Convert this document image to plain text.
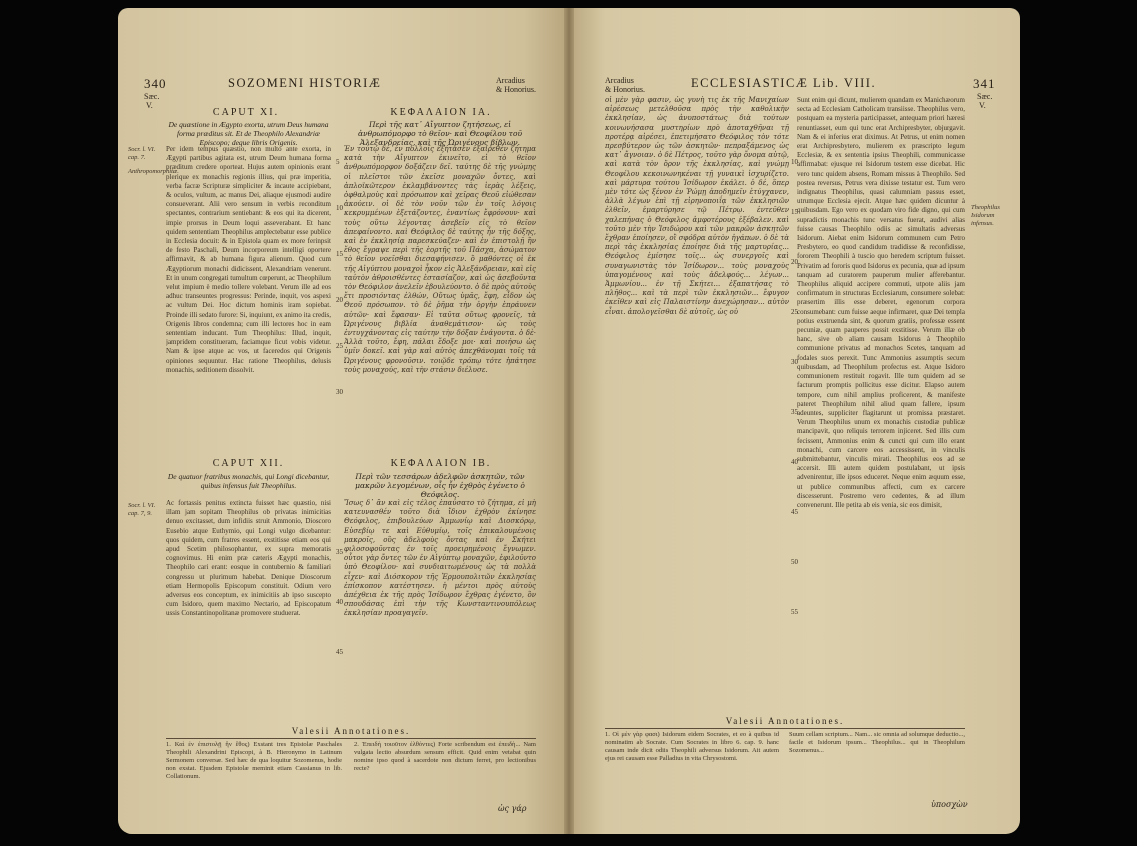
340	SOZOMENI HISTORIÆ	Arcadius
& Honorius.
Sæc.
V.
CAPUT XI.	ΚΕΦΑΛΑΙΟΝ ΙΑ.
De quæstione in Ægypto exorta, utrum Deus humana forma præditus sit. Et de Theophilo Alexandriæ Episcopo; deque libris Origenis.
Περὶ τῆς κατ᾿ Αἴγυπτον ζητήσεως, εἰ ἀνθρωπόμορφο τὸ θεῖον· καὶ Θεοφίλου τοῦ Ἀλεξανδρείας, καὶ τῆς Ὠριγένους βίβλων.
Socr. l. VI. cap. 7.
Anthropomorphitæ.
Per idem tempus quæstio, non multo ante exorta, in Ægypti partibus agitata est, utrum Deum humana forma præditum credere oporteat. Hujus autem opinionis erant plerique ex monachis regionis illius, qui præ imperitia, verba facræ Scripturæ simpliciter & incaute accipiebant, & oculos, vultum, ac manus Dei, aliaque ejusmodi audire consueverant. Alii vero sensum in verbis reconditum spectantes, contrarium sentiebant: & eos qui ita dicerent, impie prorsus in Deum loqui asseverabant. Et hanc quidem sententiam Theophilus amplectebatur esse publice in Ecclesia docuit: & in Epistola quam ex more ferinpsit de festo Paschali, Deum incorporeum intelligi oportere affirmavit, & ab humana figura alienum. Quod cum Ægyptiorum monachi didicissent, Alexandriam venerunt. Et in unum congregati tumultum cœperunt, ac Theophilum velut impium è medio tollere volebant. Verum ille ad eos adhuc transeuntes progressus: Perinde, inquit, vos aspexi ac vultum Dei. Hoc dictum hominis iram sopiebat. Proinde illi sedato furore: Si, inquiunt, ex animo ita credis, Origenis libros condemna; cum illi lectores hoc in eam sententiam inducant. Tum Theophilus: Illud, inquit, jampridem constitueram, faciamque ficut vobis videtur. Nam & ipse atque ac vos, ut faceredos qui Origenis opiniones sequuntur. Hac ratione Theophilus, delusis monachis, seditionem dissolvit.
Ἐν τούτῳ δέ, ἐν πολλοῖς ἐξήτασεν ἐξαιρεθὲν ζήτημα κατὰ τὴν Αἴγυπτον ἐκινεῖτο, εἰ τὸ θεῖον ἀνθρωπόμορφον δοξάζειν δεῖ. ταύτης δὲ τῆς γνώμης οἱ πλεῖστοι τῶν ἐκεῖσε μοναχῶν ὄντες, καὶ ἁπλοϊκῶτερον ἐκλαμβάνοντες τὰς ἱερὰς λέξεις, ὀφθαλμοὺς καὶ πρόσωπον καὶ χεῖρας Θεοῦ εἰώθεσαν ἀκούειν. οἱ δὲ τὸν νοῦν τῶν ἐν τοῖς λόγοις κεκρυμμένων ἐξετάζοντες, ἐναντίως ἔφρόνουν· καὶ τοὺς οὕτω λέγοντας ἀσεβεῖν εἰς τὸ θεῖον ἀπεφαίνοντο. καὶ Θεόφιλος δὲ ταύτης ἦν τῆς δόξης, καὶ ἐν ἐκκλησίᾳ παρεσκεύαζεν· καὶ ἐν ἐπιστολῇ ἣν ἔθος ἔγραψε περὶ τῆς ἑορτῆς τοῦ Πάσχα, ἀσώματον τὸ θεῖον νοεῖσθαι διεσαφήνισεν. ὃ μαθόντες οἱ ἐκ τῆς Αἰγύπτου μοναχοὶ ἧκον εἰς Ἀλεξάνδρειαν, καὶ εἰς ταὐτὸν ἀθροισθέντες ἐστασίαζον, καὶ ὡς ἀσεβοῦντα τὸν Θεόφιλον ἀνελεῖν ἐβουλεύοντο. ὁ δὲ πρὸς αὐτοὺς ἔτι προσιόντας ἐλθών, Οὕτως ὑμᾶς, ἔφη, εἶδον ὡς Θεοῦ πρόσωπον. τὸ δὲ ῥῆμα τὴν ὀργὴν ἐπράυνεν αὐτῶν· καὶ ἔφασαν· Εἰ ταῦτα οὕτως φρονεῖς, τὰ Ὠριγένους βιβλία ἀναθεμάτισον· ὡς τοὺς ἐντυγχάνοντας εἰς ταύτην τὴν δόξαν ἐνάγοντα. ὁ δὲ· Ἀλλὰ τοῦτο, ἔφη, πάλαι ἔδοξε μοι· καὶ ποιήσω ὡς ὑμῖν δοκεῖ. καὶ γὰρ καὶ αὐτὸς ἀπεχθάνομαι τοῖς τὰ Ὠριγένους φρονοῦσιν. τοιῷδε τρόπῳ τότε ἠπάτησε τοὺς μοναχούς, καὶ τὴν στάσιν διέλυσε.
CAPUT XII.	ΚΕΦΑΛΑΙΟΝ ΙΒ.
De quatuor fratribus monachis, qui Longi dicebantur, quibus infensus fuit Theophilus.
Περὶ τῶν τεσσάρων ἀδελφῶν ἀσκητῶν, τῶν μακρῶν λεγομένων, οἷς ἦν ἐχθρὸς ἐγένετο ὁ Θεόφιλος.
Socr. l. VI. cap. 7, 9.
Ac fortassis penitus extincta fuisset hæc quæstio, nisi illam jam sopitam Theophilus ob privatas inimicitias denuo excitasset, dum infidiis struit Ammonio, Dioscoro Eusebio atque Euthymio, qui Longi vulgo dicebantur: quos quidem, cum fratres essent, exstitisse etiam eos qui apud Scetim philosophantur, ex supra memoratis cognovimus. Hi enim præ cæteris Ægypti monachis, Theophilo cari erant: eosque in contubernio & familiari congressu ut plurimum habebat. Denique Dioscorum etiam Hermopolis Episcopum constituit. Odium vero adversus eos conceptum, ex inimicitiis ab ipso suscepto cum Isidoro, quem maximo Nectario, ad Episcopatum ussis Constantinopolitanæ promovere studuerat.
Ἴσως δ᾿ ἂν καὶ εἰς τέλος ἐπαύσατο τὸ ζήτημα, εἰ μὴ κατευνασθέν τοῦτο διὰ ἴδιον ἐχθρὸν ἐκίνησε Θεόφιλος, ἐπιβουλεύων Ἀμμωνίῳ καὶ Διοσκόρῳ, Εὐσεβίῳ τε καὶ Εὐθυμίῳ, τοῖς ἐπικαλουμένοις μακροῖς, οὓς ἀδελφοὺς ὄντας καὶ ἐν Σκήτει φιλοσοφοῦντας ἐν τοῖς προειρημένοις ἔγνωμεν. οὗτοι γὰρ ὄντες τῶν ἐν Αἰγύπτῳ μοναχῶν, ἐφιλοῦντο ὑπὸ Θεοφίλου· καὶ συνδιαιτωμένους ὡς τὰ πολλὰ εἶχεν· καὶ Διόσκορον τῆς Ἑρμουπολιτῶν ἐκκλησίας ἐπίσκοπον κατέστησεν. ἡ μέντοι πρὸς αὐτοὺς ἀπέχθεια ἐκ τῆς πρὸς Ἰσίδωρον ἔχθρας ἐγένετο, ὃν σπουδάσας ἐπὶ τὴν τῆς Κωνσταντινουπόλεως ἐκκλησίαν προαγαγεῖν.
Valesii Annotationes.
1. Καὶ ἐν ἐπιστολῇ ἣν ἔθος) Exstant tres Epistolæ Paschales Theophili Alexandrini Episcopi, à B. Hieronymo in Latinum Sermonem conversæ. Sed hæc de qua loquitur Sozomenus, hodie non exstat. Ejusdem Epistolæ meminit etiam Cassianus in lib. Collationum.
2. Ἐπειδὴ τοιοῦτον ἐλθόντες) Forte scribendum est ἐπειδὴ... Nam vulgata lectio absurdum sensum efficit. Quid enim vetabat quin nomine ipso quod à sacerdote non dictum ferret, pro lectionibus recte?
ὡς γάρ
5
10
15
20
25
30
35
40
45
Arcadius
& Honorius.	ECCLESIASTICÆ Lib. VIII.	341
Sæc.
V.
οἱ μὲν γὰρ φασιν, ὡς γυνὴ τις ἐκ τῆς Μανιχαίων αἱρέσεως μετελθοῦσα πρὸς τὴν καθολικὴν ἐκκλησίαν, ὡς ἀνυποστάτως διὰ τούτων κοινωνήσασα μυστηρίων πρὸ ἀποταχθῆναι τῇ προτέρᾳ αἱρέσει, ἐπετιμήσατο Θεόφιλος τὸν τότε πρεσβύτερον ὡς τῶν ἀσκητῶν· πεπραξάμενος ὡς κατ᾿ ἄγνοιαν. ὁ δὲ Πέτρος, τοῦτο γὰρ ὄνομα αὐτῷ, καὶ κατὰ τὸν ὅρον τῆς ἐκκλησίας, καὶ γνώμῃ Θεοφίλου κεκοινωνηκέναι τῇ γυναικὶ ἰσχυρίζετο. καὶ μάρτυρα τούτου Ἰσίδωρον ἐκάλει. ὁ δέ, ὅπερ μὲν τότε ὡς ξένον ἐν Ῥώμῃ ἀποδημεῖν ἐτύγχανεν, ἀλλὰ λέγων ἐπὶ τῇ εἰρηνοποιΐᾳ τῶν ἐκκλησιῶν ἐλθεῖν, ἐμαρτύρησε τῷ Πέτρῳ. ἐντεῦθεν χαλεπήνας ὁ Θεόφιλος ἀμφοτέρους ἐξέβαλεν. καὶ τοῦτο μὲν τὴν Ἰσιδώρου καὶ τῶν μακρῶν ἀσκητῶν ἔχθραν ἐποίησεν, οἳ σφόδρα αὐτὸν ἠγάπων. ὁ δὲ τὰ περὶ τὰς ἐκκλησίας ἐποίησε διὰ τῆς μαρτυρίας... Θεόφιλος ἐμίσησε τοῖς... ὡς συνεργοῖς καὶ συναγωνιστὰς τὸν Ἰσίδωρον... τοὺς μοναχοὺς ὑπαγομένους καὶ τοὺς ἀδελφούς... λέγων... Ἀμμωνίου... ἐν τῇ Σκήτει... ἐξαπατήσας τὸ πλῆθος... καὶ τὰ περὶ τῶν ἐκκλησιῶν... ἔφυγον ἐκεῖθεν καὶ εἰς Παλαιστίνην ἀνεχώρησαν... αὐτὸν εἶναι. ἀπολογεῖσθαι δὲ αὐτοῖς, ὡς οὐ
Sunt enim qui dicunt, mulierem quandam ex Manichæorum secta ad Ecclesiam Catholicam transiisse. Theophilus vero, postquam ea mysteria participasset, antequam priori hæresi renuntiasset, eum qui tunc erat Archipresbyter, objurgavit. Nam & ei inferius erat diximus. At Petrus, ut enim nomen erat Archipresbytero, mulierem ex præscripto legum Ecclesiæ, & ex sententia ipsius Theophili, communicasse affirmabat: ejusque rei Isidorum testem esse dicebat. Hic vero tunc quidem absens, Romam missus à Theophilo. Sed postea reversus, Petrus vera dixisse testatur est. Tum vero indignatus Theophilus, quasi calumniam passus esset, utrumque Ecclesia ejecit. Atque hæc quidem dicuntur à quibusdam. Ego vero ex quodam viro fide digno, qui cum supradictis monachis tunc versatus fuerat, audivi alias fuisse causas Theophilo odiis ac simultatis adversus Isidorum. Aiebat enim Isidorum communem cum Petro Presbytero, eo quod candidum tradidisse & reconfidisse, fororem Theophili à tuscio quo heredem scriptum fuisset. Privatim ad fororis quod Isidorus ex pecunia, quæ ad ipsum tanquam ad curatorem pauperum mulier afferebantur. Theophilus aliquid accipere commuti, utpote aliis jam confirmatum in structuras Ecclesiarum, consumere solebat: præsertim illis esse deberet, egenorum corpora consumebant: cum fuisse aeque infirmaret, quæ Dei templa potius exstruenda sint, & quorum gratiis, professæ essent pecuniæ, quam pauperes possit exstitisse. Verum illæ ob hanc, sive ob aliam causam Isidorus à Theophilo communione privatus ad monachos Scetes, tanquam ad fodales suos perexit. Tunc Ammonius assumptis secum quibusdam, ad Theophilum profectus est. Atque Isidoro communionem restituit rogavit. Ille tum quidem ad se facturum promptis pollicitus esse dicitur. Elapso autem tempore, cum nihil amplius proficerent, & manifeste pateret Theophilum nihil aliud quam fallere, ipsum adeuntes, suppliciter flagitarunt ut promissa præstaret. Verum Theophilus unum ex monachis custodiæ publicæ mancipavit, quo reliquis terrorem injiceret. Sed illis cum fecissent, Ammonius enim & cuncti qui cum illo erant monachi, cum carcere eos accessissent, in vinculis submittebantur, vinculis mirati. Theophilus eos ad se accersit. Illi autem quidem postulabant, ut ipsis advenirentur, ille ipsos educeret. Neque enim æquum esse, ut publice communibus affecti, cum ex carcere discesserunt. Postremo vero cedentes, & ad illum convenerunt. Ille petita ab eis venia, sic eos dimisit,
Theophilus Isidorum infensus.
10
15
20
25
30
35
40
45
50
55
Valesii Annotationes.
1. Οἱ μὲν γὰρ φασι) Isidorum eidem Socrates, et eo à quibus id nominatim ab Socrate. Cum Socrates in libro 6. cap. 9. hanc causam inde dicit odiis Theophili adversus Isidorum. Ait autem ejus rei causam esse Palladius in vita Chrysostomi.
Suum cellam scriptum... Nam... sic omnia ad solumque deductio..., facile et Isidorum ipsum... Theophilus... qui in Theophilum Sozomenus...
ὑποσχὼν
